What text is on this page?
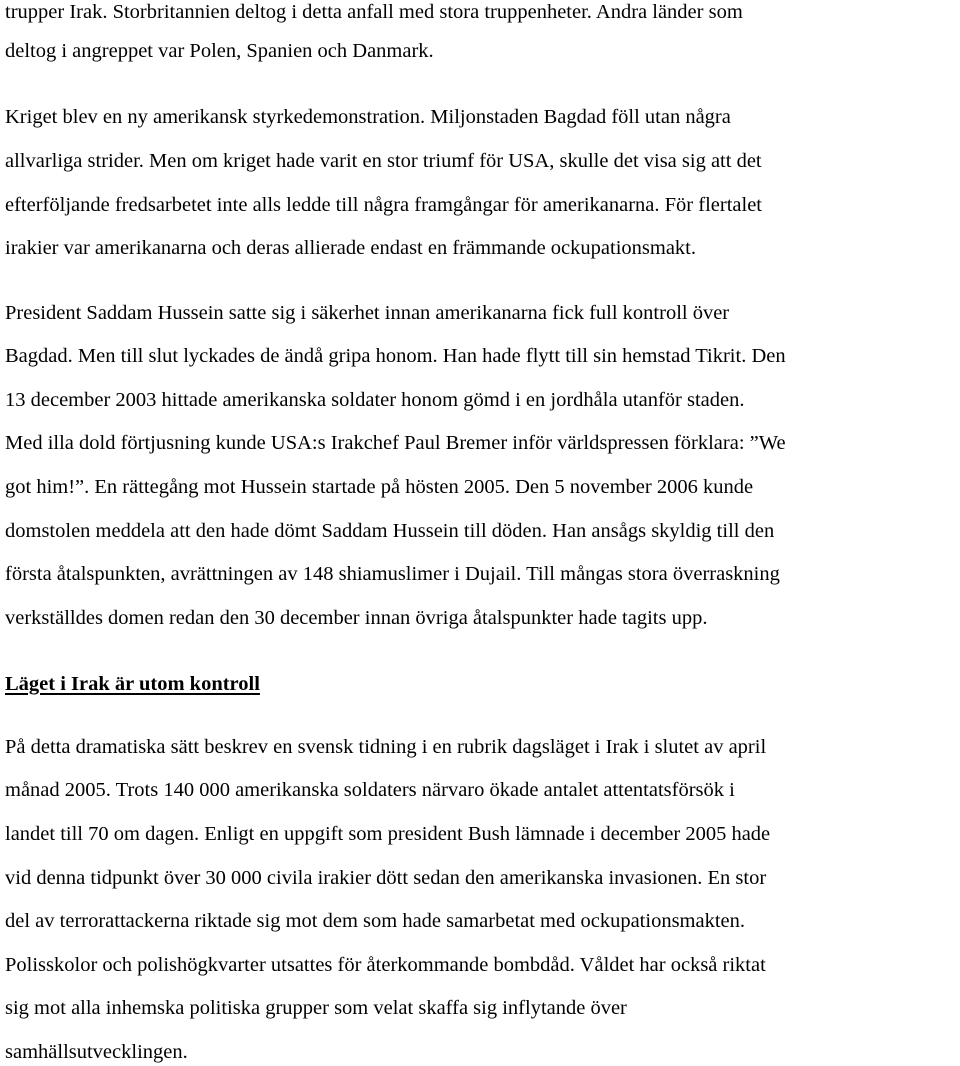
trupper Irak. Storbritannien deltog i detta anfall med stora truppenheter. Andra länder som

deltog i angreppet var Polen, Spanien och Danmark.

Kriget blev en ny amerikansk styrkedemonstration. Miljonstaden Bagdad föll utan några

allvarliga strider. Men om kriget hade varit en stor triumf för USA, skulle det visa sig att det

efterföljande fredsarbetet inte alls ledde till några framgångar för amerikanarna. För flertalet

irakier var amerikanarna och deras allierade endast en främmande ockupationsmakt.

President Saddam Hussein satte sig i säkerhet innan amerikanarna fick full kontroll över

Bagdad. Men till slut lyckades de ändå gripa honom. Han hade flytt till sin hemstad Tikrit. Den

13 december 2003 hittade amerikanska soldater honom gömd i en jordhåla utanför staden.

Med illa dold förtjusning kunde USA:s Irakchef Paul Bremer inför världspressen förklara: ”We

got him!”. En rättegång mot Hussein startade på hösten 2005. Den 5 november 2006 kunde

domstolen meddela att den hade dömt Saddam Hussein till döden. Han ansågs skyldig till den

första åtalspunkten, avrättningen av 148 shiamuslimer i Dujail. Till mångas stora överraskning

verkställdes domen redan den 30 december innan övriga åtalspunkter hade tagits upp.

Läget i Irak är utom kontroll

På detta dramatiska sätt beskrev en svensk tidning i en rubrik dagsläget i Irak i slutet av april

månad 2005. Trots 140 000 amerikanska soldaters närvaro ökade antalet attentatsförsök i

landet till 70 om dagen. Enligt en uppgift som president Bush lämnade i december 2005 hade

vid denna tidpunkt över 30 000 civila irakier dött sedan den amerikanska invasionen. En stor

del av terrorattackerna riktade sig mot dem som hade samarbetat med ockupationsmakten.

Polisskolor och polishögkvarter utsattes för återkommande bombdåd. Våldet har också riktat

sig mot alla inhemska politiska grupper som velat skaffa sig inflytande över

samhällsutvecklingen.
